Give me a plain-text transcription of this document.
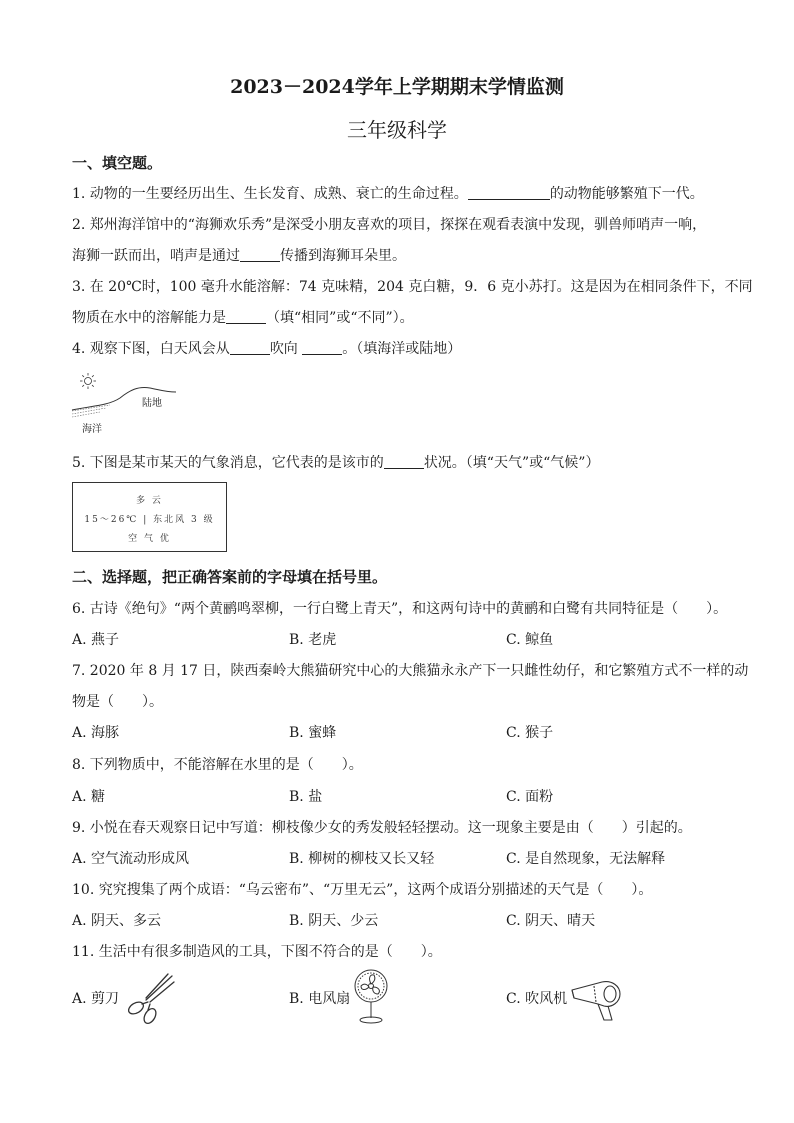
2023－2024学年上学期期末学情监测
三年级科学
一、填空题。
1. 动物的一生要经历出生、生长发育、成熟、衰亡的生命过程。	的动物能够繁殖下一代。
2. 郑州海洋馆中的“海狮欢乐秀”是深受小朋友喜欢的项目，探探在观看表演中发现，驯兽师哨声一响，
海狮一跃而出，哨声是通过	传播到海狮耳朵里。
3. 在 20℃时，100 毫升水能溶解：74 克味精，204 克白糖，9．6 克小苏打。这是因为在相同条件下，不同
物质在水中的溶解能力是	（填“相同”或“不同”）。
4. 观察下图，白天风会从	吹向	。（填海洋或陆地）
陆地
海洋
5. 下图是某市某天的气象消息，它代表的是该市的	状况。（填“天气”或“气候”）
多 云
15～26℃ | 东北风 3 级
空 气 优
二、选择题，把正确答案前的字母填在括号里。
6. 古诗《绝句》“两个黄鹂鸣翠柳，一行白鹭上青天”，和这两句诗中的黄鹂和白鹭有共同特征是（　　）。
A. 燕子	B. 老虎	C. 鲸鱼
7. 2020 年 8 月 17 日，陕西秦岭大熊猫研究中心的大熊猫永永产下一只雌性幼仔，和它繁殖方式不一样的动
物是（　　）。
A. 海豚	B. 蜜蜂	C. 猴子
8. 下列物质中，不能溶解在水里的是（　　）。
A. 糖	B. 盐	C. 面粉
9. 小悦在春天观察日记中写道：柳枝像少女的秀发般轻轻摆动。这一现象主要是由（　　）引起的。
A. 空气流动形成风	B. 柳树的柳枝又长又轻	C. 是自然现象，无法解释
10. 究究搜集了两个成语：“乌云密布”、“万里无云”，这两个成语分别描述的天气是（　　）。
A. 阴天、多云	B. 阴天、少云	C. 阴天、晴天
11. 生活中有很多制造风的工具，下图不符合的是（　　）。
A. 剪刀	B. 电风扇	C. 吹风机
